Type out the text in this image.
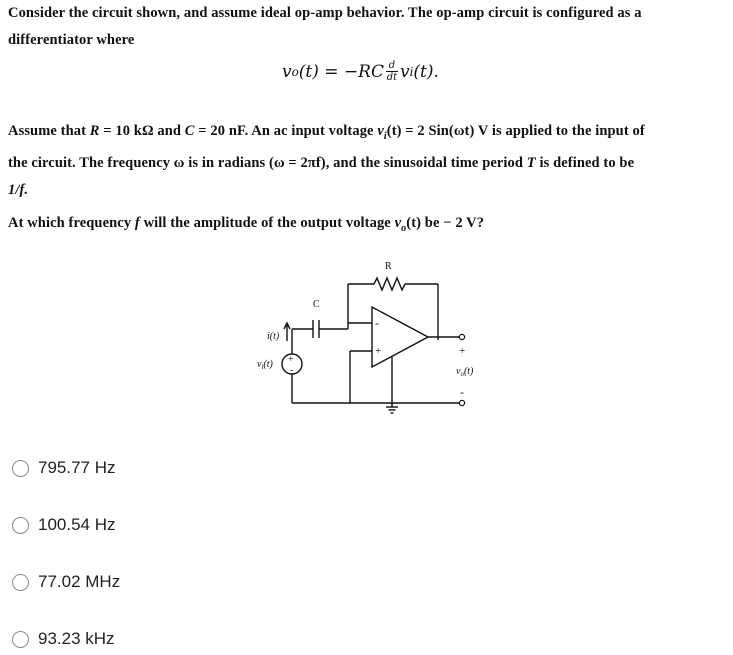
Consider the circuit shown, and assume ideal op-amp behavior. The op-amp circuit is configured as a
differentiator where
v o $(t) = -RC \frac{d}{dt}$ v i (t).
Assume that R = 10 kΩ and C = 20 nF. An ac input voltage $v_i(t) = 2$ Sin(ωt) V is applied to the input of
the circuit. The frequency ω is in radians (ω = 2πf), and the sinusoidal time period T is defined to be
1/f.
At which frequency f will the amplitude of the output voltage $v_o(t)$ be − 2 V?
R
C
-
+
i(t)
$v_i(t)$ +
-
+
-
$v_o(t)$
795.77 Hz
100.54 Hz
77.02 MHz
93.23 kHz
